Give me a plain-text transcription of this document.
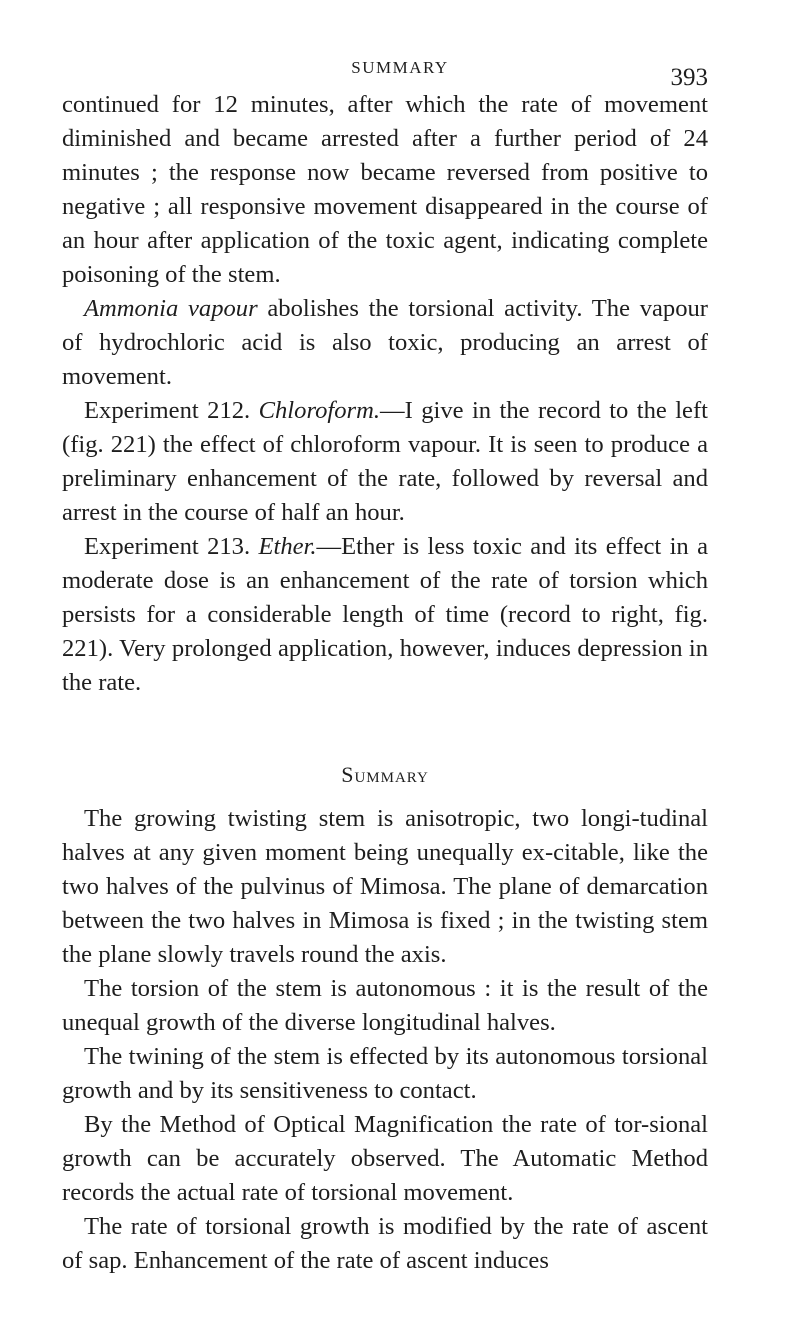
SUMMARY	393

continued for 12 minutes, after which the rate of movement diminished and became arrested after a further period of 24 minutes ; the response now became reversed from positive to negative ; all responsive movement disappeared in the course of an hour after application of the toxic agent, indicating complete poisoning of the stem.

Ammonia vapour abolishes the torsional activity. The vapour of hydrochloric acid is also toxic, producing an arrest of movement.

Experiment 212. Chloroform.—I give in the record to the left (fig. 221) the effect of chloroform vapour. It is seen to produce a preliminary enhancement of the rate, followed by reversal and arrest in the course of half an hour.

Experiment 213. Ether.—Ether is less toxic and its effect in a moderate dose is an enhancement of the rate of torsion which persists for a considerable length of time (record to right, fig. 221). Very prolonged application, however, induces depression in the rate.

Summary

The growing twisting stem is anisotropic, two longi-tudinal halves at any given moment being unequally ex-citable, like the two halves of the pulvinus of Mimosa. The plane of demarcation between the two halves in Mimosa is fixed ; in the twisting stem the plane slowly travels round the axis.

The torsion of the stem is autonomous : it is the result of the unequal growth of the diverse longitudinal halves.

The twining of the stem is effected by its autonomous torsional growth and by its sensitiveness to contact.

By the Method of Optical Magnification the rate of tor-sional growth can be accurately observed. The Automatic Method records the actual rate of torsional movement.

The rate of torsional growth is modified by the rate of ascent of sap. Enhancement of the rate of ascent induces
